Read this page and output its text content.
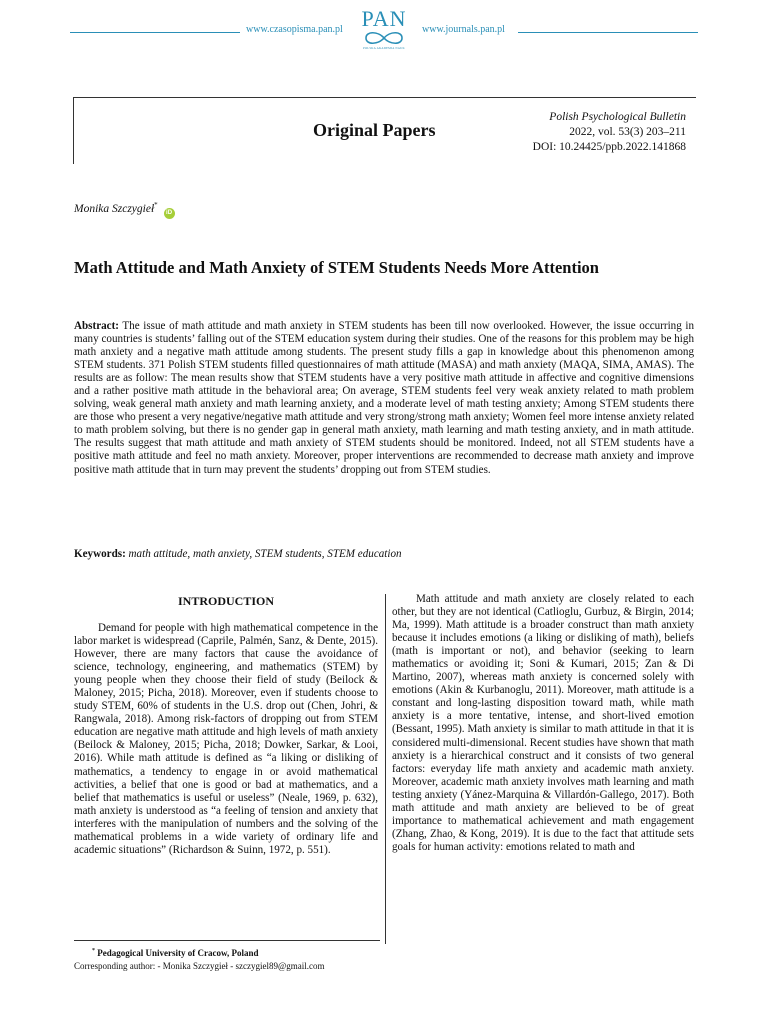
www.czasopisma.pan.pl PAN
POLSKA AKADEMIA NAUK
www.journals.pan.pl
Original Papers
Polish Psychological Bulletin
2022, vol. 53(3) 203–211
DOI: 10.24425/ppb.2022.141868
Monika Szczygieł* iD
Math Attitude and Math Anxiety of STEM Students Needs More Attention

Abstract: The issue of math attitude and math anxiety in STEM students has been till now overlooked. However, the issue occurring in many countries is students’ falling out of the STEM education system during their studies. One of the reasons for this problem may be high math anxiety and a negative math attitude among students. The present study fills a gap in knowledge about this phenomenon among STEM students. 371 Polish STEM students filled questionnaires of math attitude (MASA) and math anxiety (MAQA, SIMA, AMAS). The results are as follow: The mean results show that STEM students have a very positive math attitude in affective and cognitive dimensions and a rather positive math attitude in the behavioral area; On average, STEM students feel very weak anxiety related to math problem solving, weak general math anxiety and math learning anxiety, and a moderate level of math testing anxiety; Among STEM students there are those who present a very negative/negative math attitude and very strong/strong math anxiety; Women feel more intense anxiety related to math problem solving, but there is no gender gap in general math anxiety, math learning and math testing anxiety, and in math attitude. The results suggest that math attitude and math anxiety of STEM students should be monitored. Indeed, not all STEM students have a positive math attitude and feel no math anxiety. Moreover, proper interventions are recommended to decrease math anxiety and improve positive math attitude that in turn may prevent the students’ dropping out from STEM studies.

Keywords: math attitude, math anxiety, STEM students, STEM education
INTRODUCTION

Demand for people with high mathematical competence in the labor market is widespread (Caprile, Palmén, Sanz, & Dente, 2015). However, there are many factors that cause the avoidance of science, technology, engineering, and mathematics (STEM) by young people when they choose their field of study (Beilock & Maloney, 2015; Picha, 2018). Moreover, even if students choose to study STEM, 60% of students in the U.S. drop out (Chen, Johri, & Rangwala, 2018). Among risk-factors of dropping out from STEM education are negative math attitude and high levels of math anxiety (Beilock & Maloney, 2015; Picha, 2018; Dowker, Sarkar, & Looi, 2016). While math attitude is defined as “a liking or disliking of mathematics, a tendency to engage in or avoid mathematical activities, a belief that one is good or bad at mathematics, and a belief that mathematics is useful or useless” (Neale, 1969, p. 632), math anxiety is understood as “a feeling of tension and anxiety that interferes with the manipulation of numbers and the solving of the mathematical problems in a wide variety of ordinary life and academic situations” (Richardson & Suinn, 1972, p. 551).

Math attitude and math anxiety are closely related to each other, but they are not identical (Catlioglu, Gurbuz, & Birgin, 2014; Ma, 1999). Math attitude is a broader construct than math anxiety because it includes emotions (a liking or disliking of math), beliefs (math is important or not), and behavior (seeking to learn mathematics or avoiding it; Soni & Kumari, 2015; Zan & Di Martino, 2007), whereas math anxiety is concerned solely with emotions (Akin & Kurbanoglu, 2011). Moreover, math attitude is a constant and long-lasting disposition toward math, while math anxiety is a more tentative, intense, and short-lived emotion (Bessant, 1995). Math anxiety is similar to math attitude in that it is considered multi-dimensional. Recent studies have shown that math anxiety is a hierarchical construct and it consists of two general factors: everyday life math anxiety and academic math anxiety. Moreover, academic math anxiety involves math learning and math testing anxiety (Yánez-Marquina & Villardón-Gallego, 2017). Both math attitude and math anxiety are believed to be of great importance to mathematical achievement and math engagement (Zhang, Zhao, & Kong, 2019). It is due to the fact that attitude sets goals for human activity: emotions related to math and

* Pedagogical University of Cracow, Poland
Corresponding author: - Monika Szczygieł - szczygiel89@gmail.com
